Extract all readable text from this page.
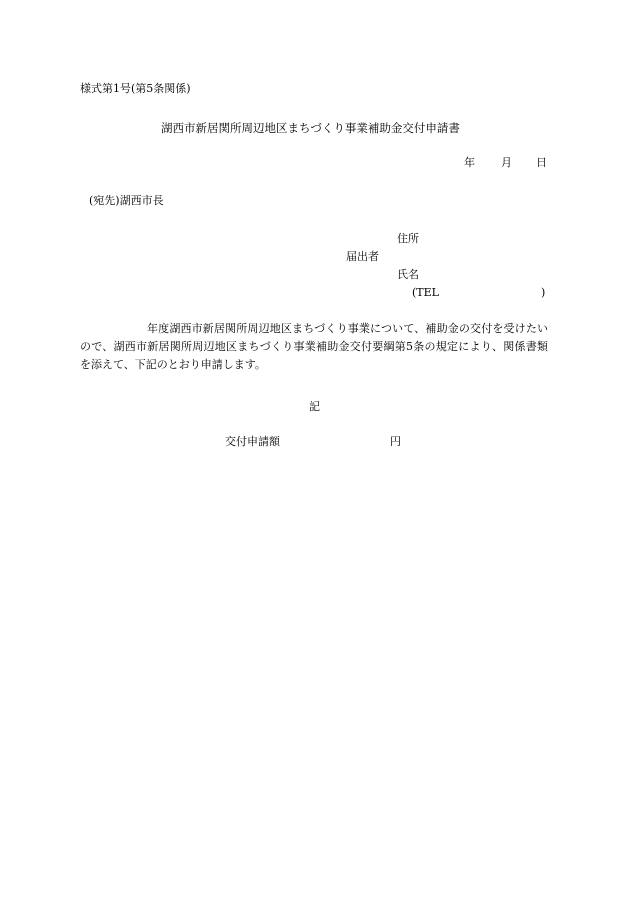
様式第1号(第5条関係)
湖西市新居関所周辺地区まちづくり事業補助金交付申請書
年 月 日
(宛先)湖西市長
住所
届出者
氏名
(TEL	)
年度湖西市新居関所周辺地区まちづくり事業について、補助金の交付を受けたいので、湖西市新居関所周辺地区まちづくり事業補助金交付要綱第5条の規定により、関係書類を添えて、下記のとおり申請します。
記
交付申請額	円
